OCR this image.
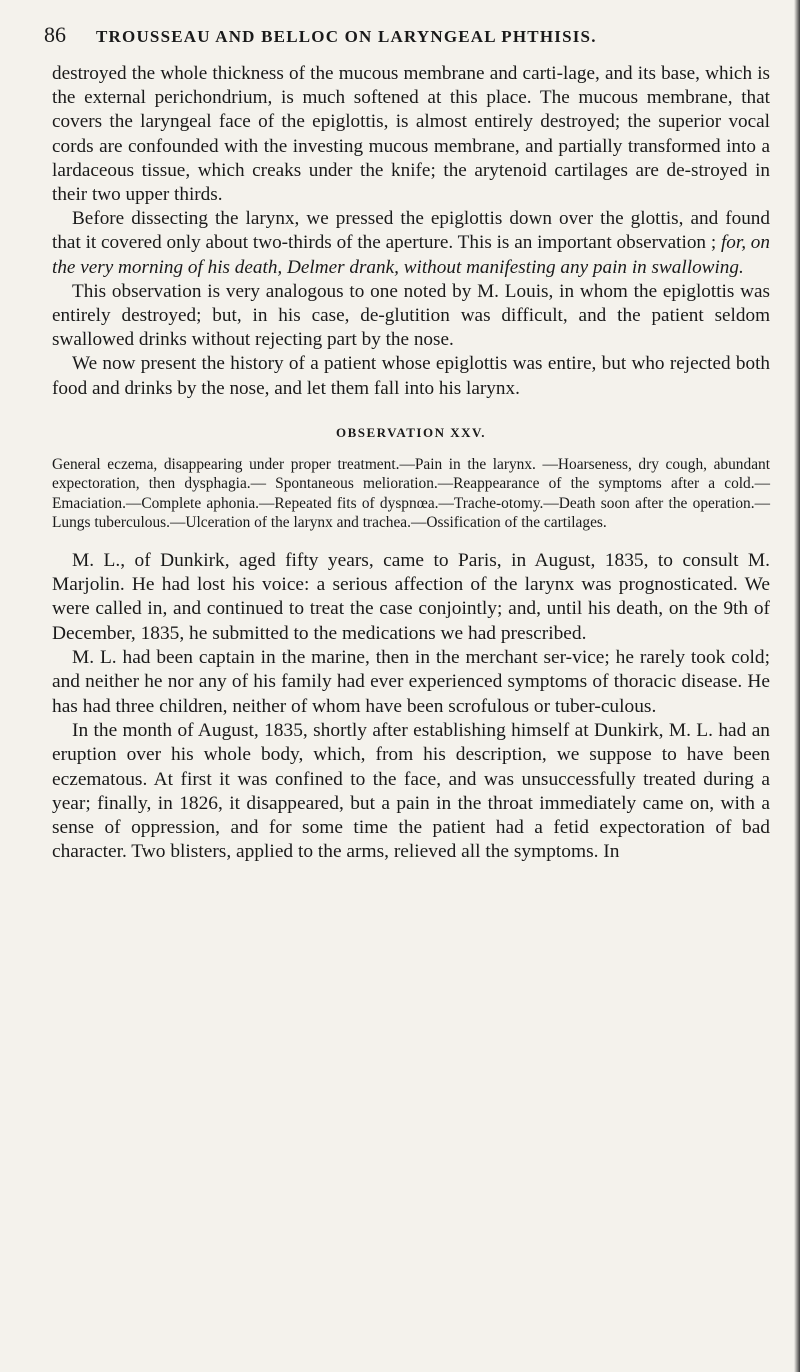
86	TROUSSEAU AND BELLOC ON LARYNGEAL PHTHISIS.

destroyed the whole thickness of the mucous membrane and carti-lage, and its base, which is the external perichondrium, is much softened at this place. The mucous membrane, that covers the laryngeal face of the epiglottis, is almost entirely destroyed; the superior vocal cords are confounded with the investing mucous membrane, and partially transformed into a lardaceous tissue, which creaks under the knife; the arytenoid cartilages are de-stroyed in their two upper thirds.

Before dissecting the larynx, we pressed the epiglottis down over the glottis, and found that it covered only about two-thirds of the aperture. This is an important observation ; for, on the very morning of his death, Delmer drank, without manifesting any pain in swallowing.

This observation is very analogous to one noted by M. Louis, in whom the epiglottis was entirely destroyed; but, in his case, de-glutition was difficult, and the patient seldom swallowed drinks without rejecting part by the nose.

We now present the history of a patient whose epiglottis was entire, but who rejected both food and drinks by the nose, and let them fall into his larynx.

OBSERVATION XXV.
General eczema, disappearing under proper treatment.—Pain in the larynx. —Hoarseness, dry cough, abundant expectoration, then dysphagia.— Spontaneous melioration.—Reappearance of the symptoms after a cold.— Emaciation.—Complete aphonia.—Repeated fits of dyspnœa.—Trache-otomy.—Death soon after the operation.—Lungs tuberculous.—Ulceration of the larynx and trachea.—Ossification of the cartilages.

M. L., of Dunkirk, aged fifty years, came to Paris, in August, 1835, to consult M. Marjolin. He had lost his voice: a serious affection of the larynx was prognosticated. We were called in, and continued to treat the case conjointly; and, until his death, on the 9th of December, 1835, he submitted to the medications we had prescribed.

M. L. had been captain in the marine, then in the merchant ser-vice; he rarely took cold; and neither he nor any of his family had ever experienced symptoms of thoracic disease. He has had three children, neither of whom have been scrofulous or tuber-culous.

In the month of August, 1835, shortly after establishing himself at Dunkirk, M. L. had an eruption over his whole body, which, from his description, we suppose to have been eczematous. At first it was confined to the face, and was unsuccessfully treated during a year; finally, in 1826, it disappeared, but a pain in the throat immediately came on, with a sense of oppression, and for some time the patient had a fetid expectoration of bad character. Two blisters, applied to the arms, relieved all the symptoms. In
